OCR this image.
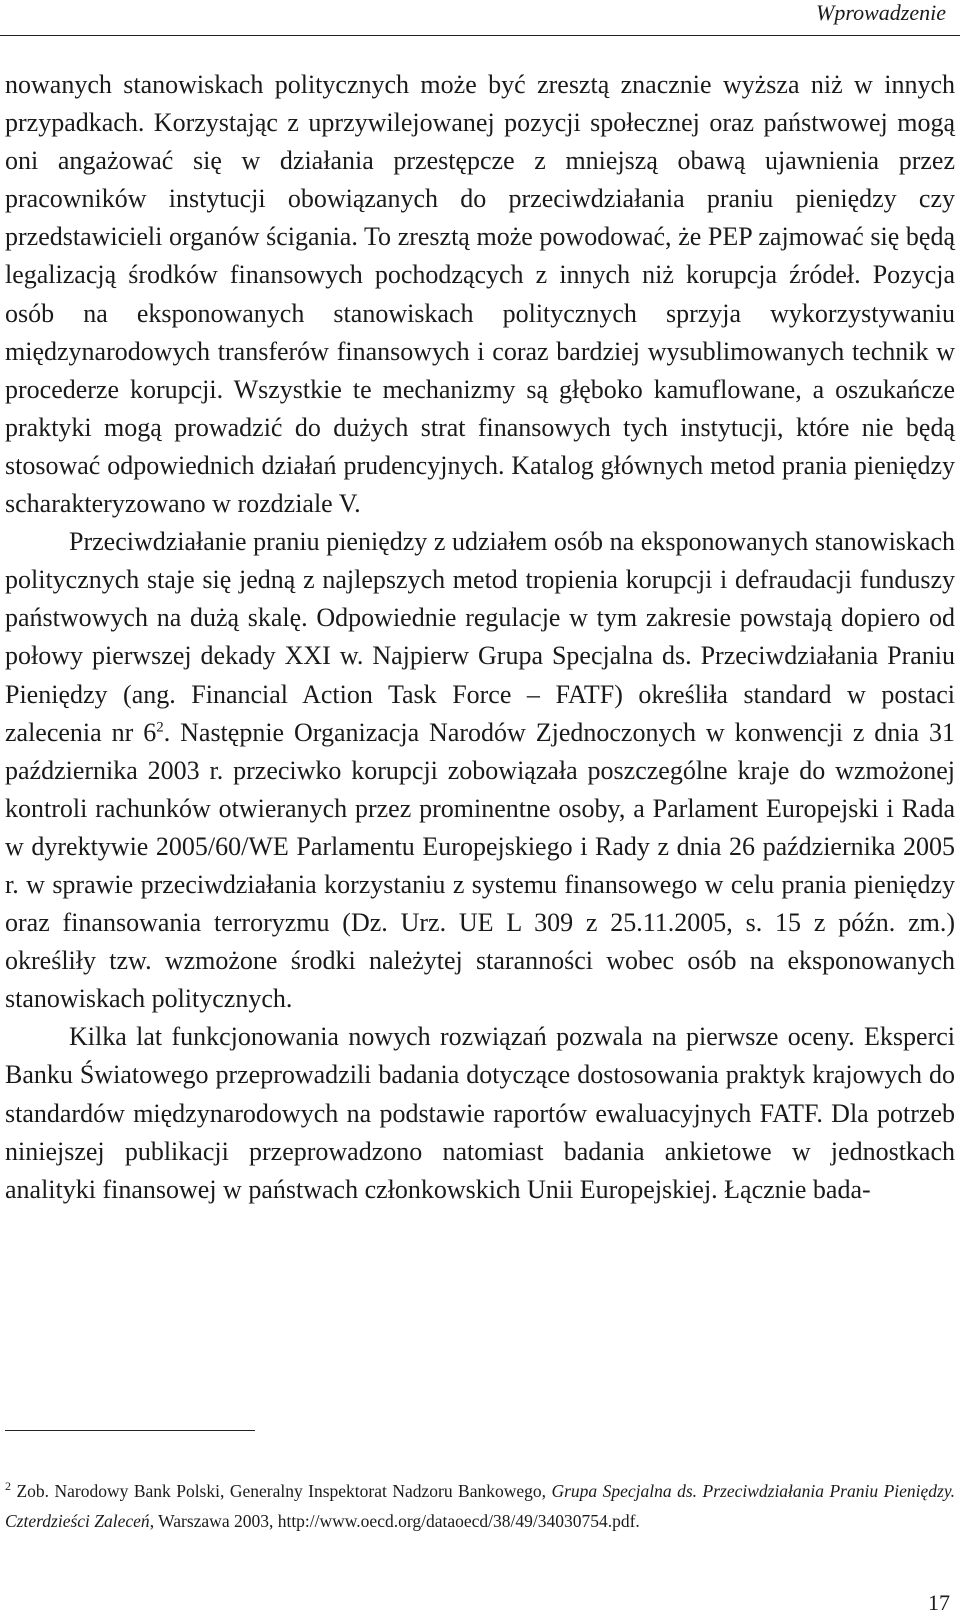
Wprowadzenie

nowanych stanowiskach politycznych może być zresztą znacznie wyższa niż w innych przypadkach. Korzystając z uprzywilejowanej pozycji społecznej oraz państwowej mogą oni angażować się w działania przestępcze z mniejszą obawą ujawnienia przez pracowników instytucji obowiązanych do przeciwdziałania praniu pieniędzy czy przedstawicieli organów ścigania. To zresztą może powodować, że PEP zajmować się będą legalizacją środków finansowych pochodzących z innych niż korupcja źródeł. Pozycja osób na eksponowanych stanowiskach politycznych sprzyja wykorzystywaniu międzynarodowych transferów finansowych i coraz bardziej wysublimowanych technik w procederze korupcji. Wszystkie te mechanizmy są głęboko kamuflowane, a oszukańcze praktyki mogą prowadzić do dużych strat finansowych tych instytucji, które nie będą stosować odpowiednich działań prudencyjnych. Katalog głównych metod prania pieniędzy scharakteryzowano w rozdziale V.

Przeciwdziałanie praniu pieniędzy z udziałem osób na eksponowanych stanowiskach politycznych staje się jedną z najlepszych metod tropienia korupcji i defraudacji funduszy państwowych na dużą skalę. Odpowiednie regulacje w tym zakresie powstają dopiero od połowy pierwszej dekady XXI w. Najpierw Grupa Specjalna ds. Przeciwdziałania Praniu Pieniędzy (ang. Financial Action Task Force – FATF) określiła standard w postaci zalecenia nr $6^2$. Następnie Organizacja Narodów Zjednoczonych w konwencji z dnia 31 października 2003 r. przeciwko korupcji zobowiązała poszczególne kraje do wzmożonej kontroli rachunków otwieranych przez prominentne osoby, a Parlament Europejski i Rada w dyrektywie 2005/60/WE Parlamentu Europejskiego i Rady z dnia 26 października 2005 r. w sprawie przeciwdziałania korzystaniu z systemu finansowego w celu prania pieniędzy oraz finansowania terroryzmu (Dz. Urz. UE L 309 z 25.11.2005, s. 15 z późn. zm.) określiły tzw. wzmożone środki należytej staranności wobec osób na eksponowanych stanowiskach politycznych.

Kilka lat funkcjonowania nowych rozwiązań pozwala na pierwsze oceny. Eksperci Banku Światowego przeprowadzili badania dotyczące dostosowania praktyk krajowych do standardów międzynarodowych na podstawie raportów ewaluacyjnych FATF. Dla potrzeb niniejszej publikacji przeprowadzono natomiast badania ankietowe w jednostkach analityki finansowej w państwach członkowskich Unii Europejskiej. Łącznie bada-

$^2$ Zob. Narodowy Bank Polski, Generalny Inspektorat Nadzoru Bankowego, Grupa Specjalna ds. Przeciwdziałania Praniu Pieniędzy. Czterdzieści Zaleceń, Warszawa 2003, http://www.oecd.org/dataoecd/38/49/34030754.pdf.
17
